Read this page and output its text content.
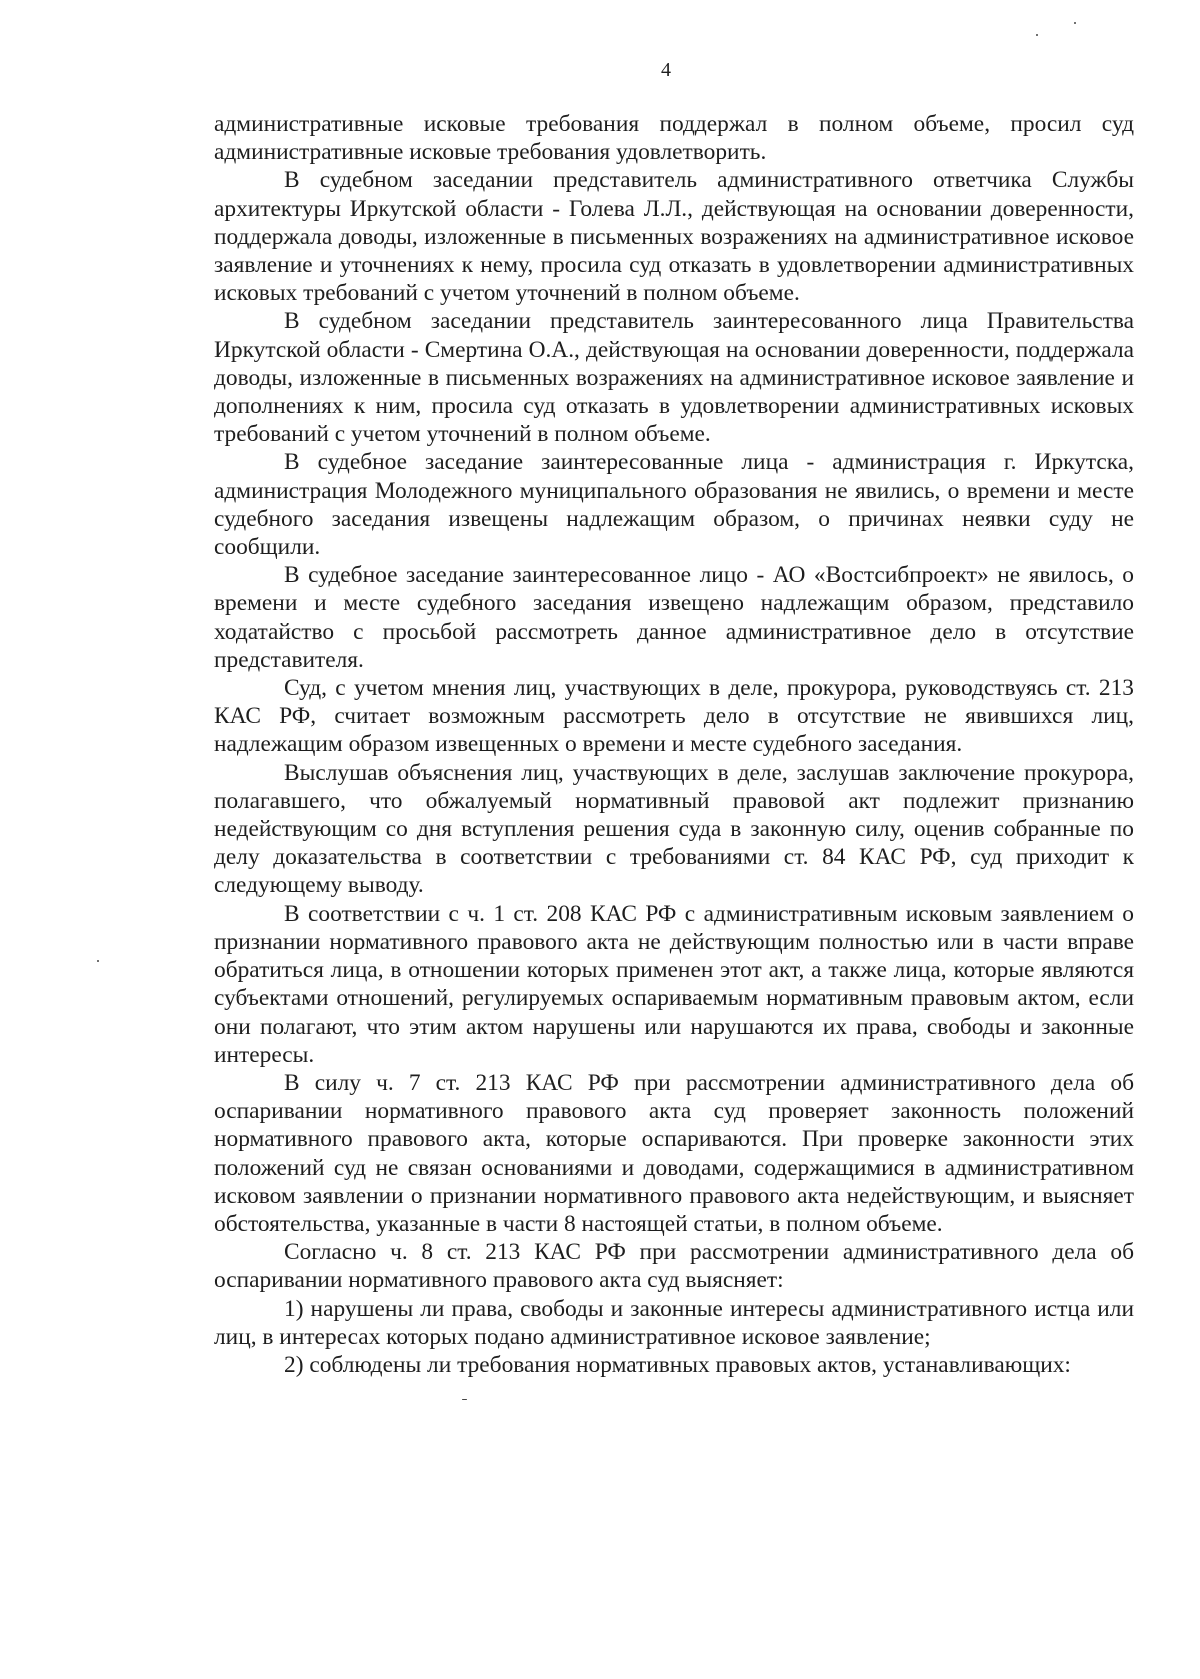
4

административные исковые требования поддержал в полном объеме, просил суд административные исковые требования удовлетворить.

В судебном заседании представитель административного ответчика Службы архитектуры Иркутской области - Голева Л.Л., действующая на основании доверенности, поддержала доводы, изложенные в письменных возражениях на административное исковое заявление и уточнениях к нему, просила суд отказать в удовлетворении административных исковых требований с учетом уточнений в полном объеме.

В судебном заседании представитель заинтересованного лица Правительства Иркутской области - Смертина О.А., действующая на основании доверенности, поддержала доводы, изложенные в письменных возражениях на административное исковое заявление и дополнениях к ним, просила суд отказать в удовлетворении административных исковых требований с учетом уточнений в полном объеме.

В судебное заседание заинтересованные лица - администрация г. Иркутска, администрация Молодежного муниципального образования не явились, о времени и месте судебного заседания извещены надлежащим образом, о причинах неявки суду не сообщили.

В судебное заседание заинтересованное лицо - АО «Востсибпроект» не явилось, о времени и месте судебного заседания извещено надлежащим образом, представило ходатайство с просьбой рассмотреть данное административное дело в отсутствие представителя.

Суд, с учетом мнения лиц, участвующих в деле, прокурора, руководствуясь ст. 213 КАС РФ, считает возможным рассмотреть дело в отсутствие не явившихся лиц, надлежащим образом извещенных о времени и месте судебного заседания.

Выслушав объяснения лиц, участвующих в деле, заслушав заключение прокурора, полагавшего, что обжалуемый нормативный правовой акт подлежит признанию недействующим со дня вступления решения суда в законную силу, оценив собранные по делу доказательства в соответствии с требованиями ст. 84 КАС РФ, суд приходит к следующему выводу.

В соответствии с ч. 1 ст. 208 КАС РФ с административным исковым заявлением о признании нормативного правового акта не действующим полностью или в части вправе обратиться лица, в отношении которых применен этот акт, а также лица, которые являются субъектами отношений, регулируемых оспариваемым нормативным правовым актом, если они полагают, что этим актом нарушены или нарушаются их права, свободы и законные интересы.

В силу ч. 7 ст. 213 КАС РФ при рассмотрении административного дела об оспаривании нормативного правового акта суд проверяет законность положений нормативного правового акта, которые оспариваются. При проверке законности этих положений суд не связан основаниями и доводами, содержащимися в административном исковом заявлении о признании нормативного правового акта недействующим, и выясняет обстоятельства, указанные в части 8 настоящей статьи, в полном объеме.

Согласно ч. 8 ст. 213 КАС РФ при рассмотрении административного дела об оспаривании нормативного правового акта суд выясняет:

1) нарушены ли права, свободы и законные интересы административного истца или лиц, в интересах которых подано административное исковое заявление;

2) соблюдены ли требования нормативных правовых актов, устанавливающих:
